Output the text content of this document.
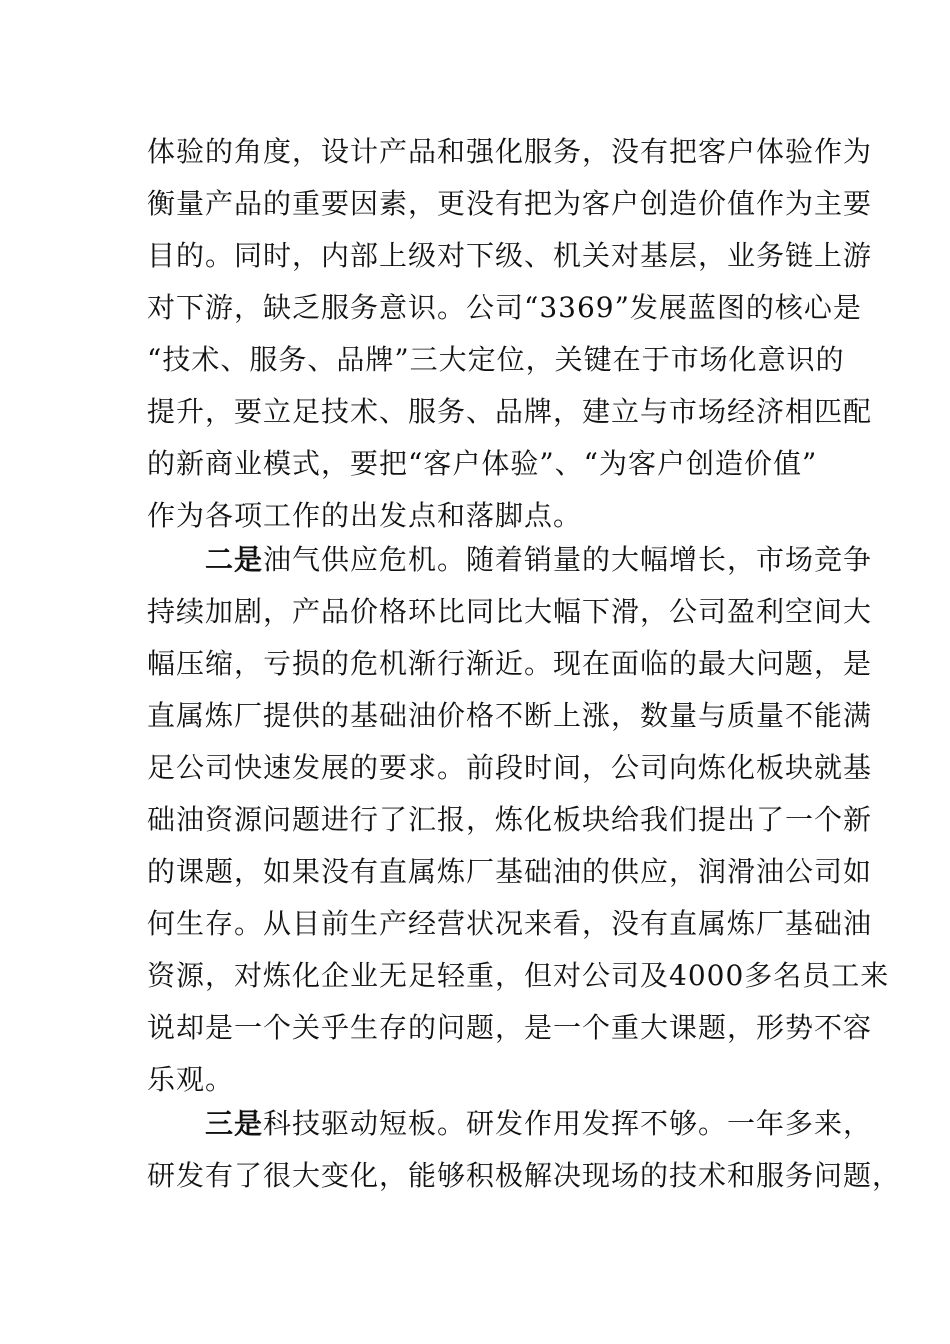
体验的角度，设计产品和强化服务，没有把客户体验作为
衡量产品的重要因素，更没有把为客户创造价值作为主要
目的。同时，内部上级对下级、机关对基层，业务链上游
对下游，缺乏服务意识。公司“3369”发展蓝图的核心是
“技术、服务、品牌”三大定位，关键在于市场化意识的
提升，要立足技术、服务、品牌，建立与市场经济相匹配
的新商业模式，要把“客户体验”、“为客户创造价值”
作为各项工作的出发点和落脚点。
　　二是油气供应危机。随着销量的大幅增长，市场竞争
持续加剧，产品价格环比同比大幅下滑，公司盈利空间大
幅压缩，亏损的危机渐行渐近。现在面临的最大问题，是
直属炼厂提供的基础油价格不断上涨，数量与质量不能满
足公司快速发展的要求。前段时间，公司向炼化板块就基
础油资源问题进行了汇报，炼化板块给我们提出了一个新
的课题，如果没有直属炼厂基础油的供应，润滑油公司如
何生存。从目前生产经营状况来看，没有直属炼厂基础油
资源，对炼化企业无足轻重，但对公司及4000多名员工来
说却是一个关乎生存的问题，是一个重大课题，形势不容
乐观。
　　三是科技驱动短板。研发作用发挥不够。一年多来，
研发有了很大变化，能够积极解决现场的技术和服务问题，
